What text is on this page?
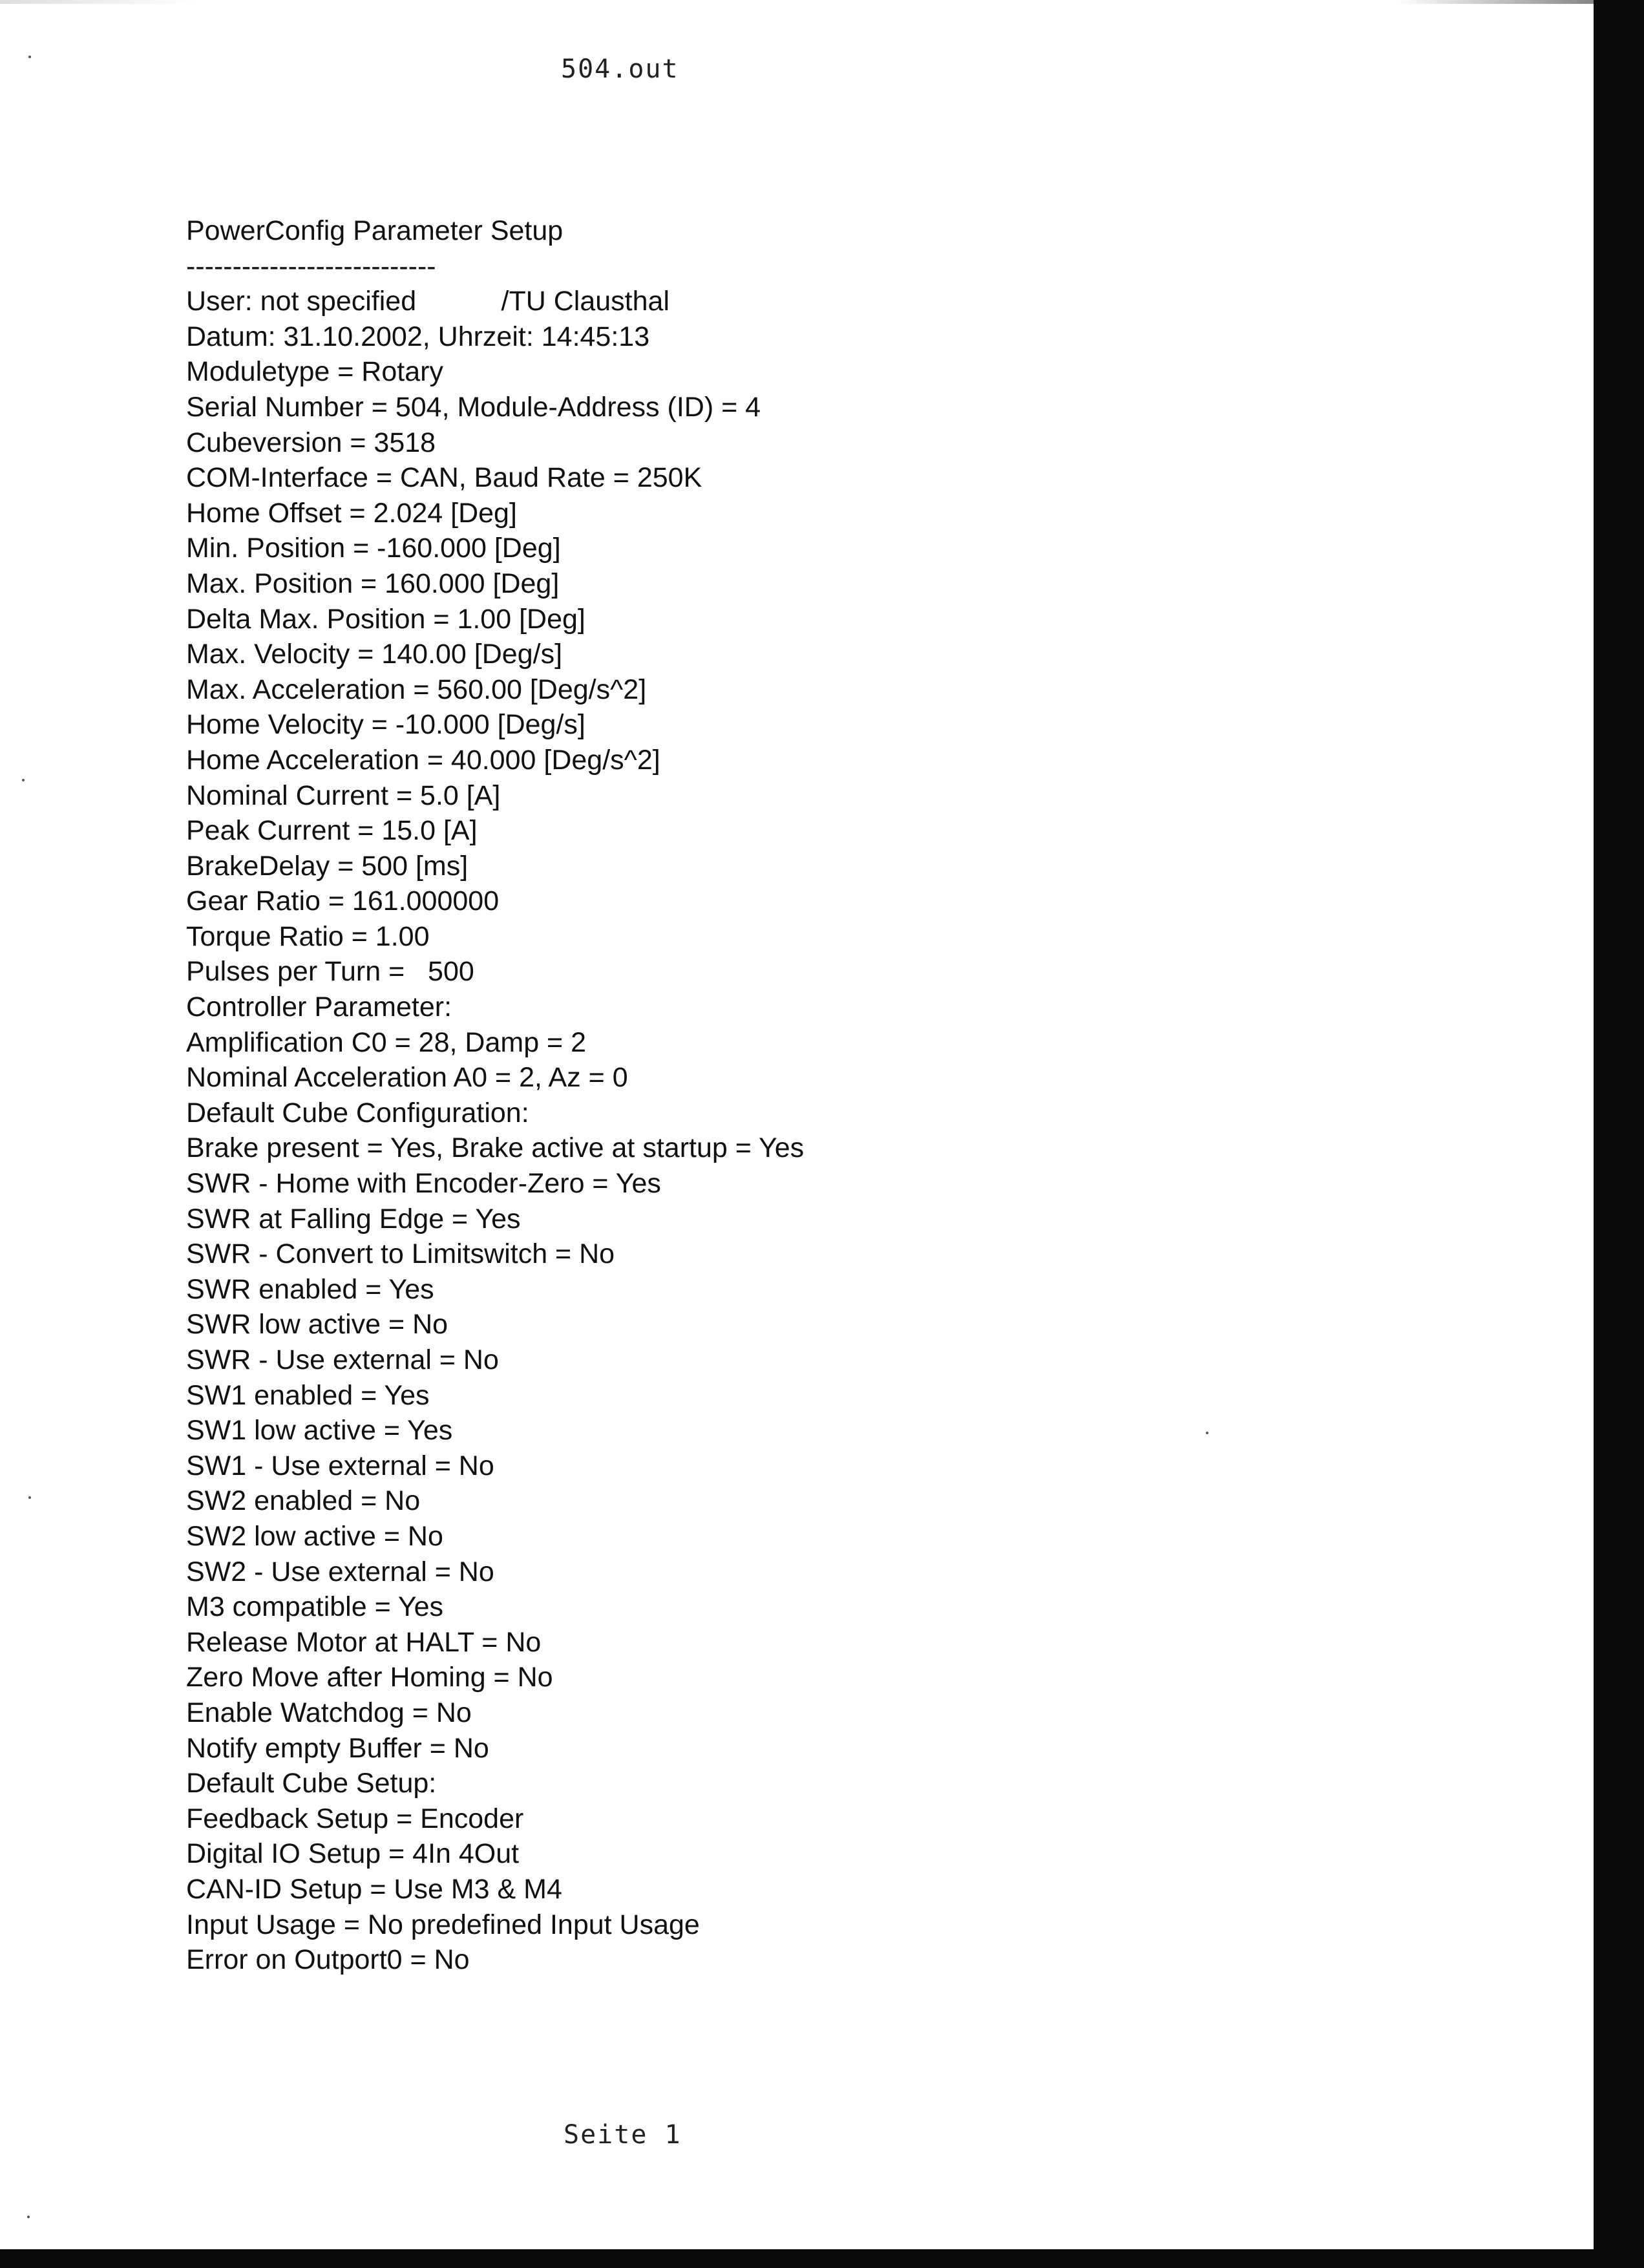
504.out
PowerConfig Parameter Setup
---------------------------
User: not specified           /TU Clausthal
Datum: 31.10.2002, Uhrzeit: 14:45:13
Moduletype = Rotary
Serial Number = 504, Module-Address (ID) = 4
Cubeversion = 3518
COM-Interface = CAN, Baud Rate = 250K
Home Offset = 2.024 [Deg]
Min. Position = -160.000 [Deg]
Max. Position = 160.000 [Deg]
Delta Max. Position = 1.00 [Deg]
Max. Velocity = 140.00 [Deg/s]
Max. Acceleration = 560.00 [Deg/s^2]
Home Velocity = -10.000 [Deg/s]
Home Acceleration = 40.000 [Deg/s^2]
Nominal Current = 5.0 [A]
Peak Current = 15.0 [A]
BrakeDelay = 500 [ms]
Gear Ratio = 161.000000
Torque Ratio = 1.00
Pulses per Turn =   500
Controller Parameter:
Amplification C0 = 28, Damp = 2
Nominal Acceleration A0 = 2, Az = 0
Default Cube Configuration:
Brake present = Yes, Brake active at startup = Yes
SWR - Home with Encoder-Zero = Yes
SWR at Falling Edge = Yes
SWR - Convert to Limitswitch = No
SWR enabled = Yes
SWR low active = No
SWR - Use external = No
SW1 enabled = Yes
SW1 low active = Yes
SW1 - Use external = No
SW2 enabled = No
SW2 low active = No
SW2 - Use external = No
M3 compatible = Yes
Release Motor at HALT = No
Zero Move after Homing = No
Enable Watchdog = No
Notify empty Buffer = No
Default Cube Setup:
Feedback Setup = Encoder
Digital IO Setup = 4In 4Out
CAN-ID Setup = Use M3 & M4
Input Usage = No predefined Input Usage
Error on Outport0 = No
Seite 1
